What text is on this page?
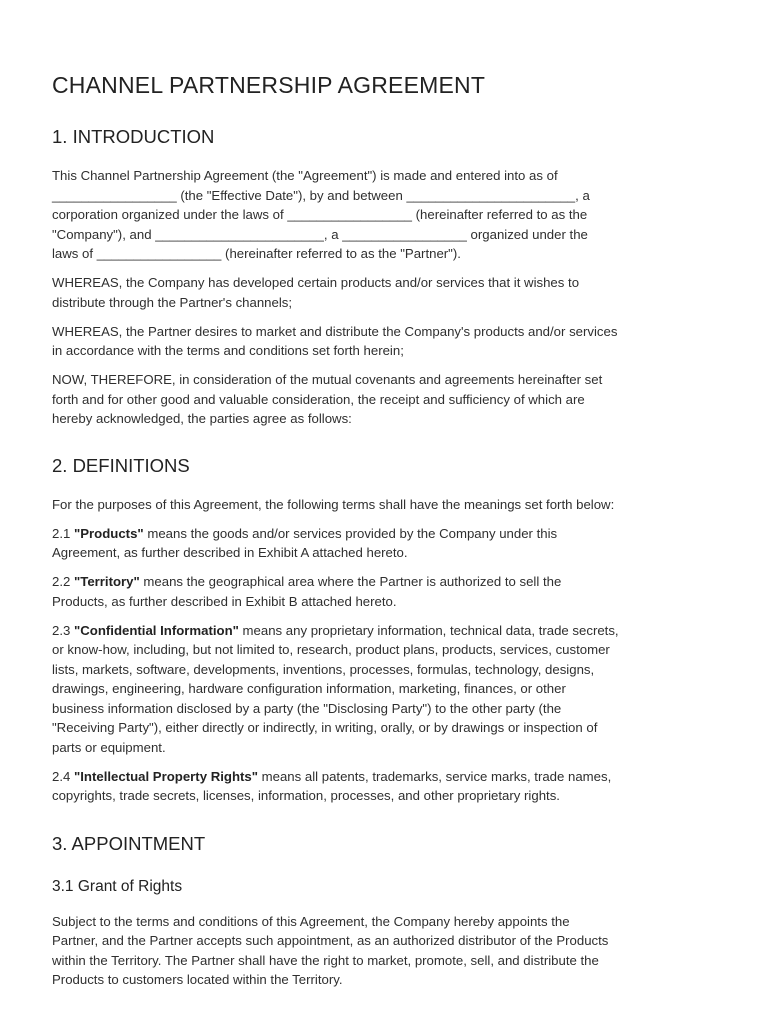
CHANNEL PARTNERSHIP AGREEMENT
1. INTRODUCTION

This Channel Partnership Agreement (the "Agreement") is made and entered into as of
_________________ (the "Effective Date"), by and between _______________________, a
corporation organized under the laws of _________________ (hereinafter referred to as the
"Company"), and _______________________, a _________________ organized under the
laws of _________________ (hereinafter referred to as the "Partner").

WHEREAS, the Company has developed certain products and/or services that it wishes to
distribute through the Partner's channels;

WHEREAS, the Partner desires to market and distribute the Company's products and/or services
in accordance with the terms and conditions set forth herein;

NOW, THEREFORE, in consideration of the mutual covenants and agreements hereinafter set
forth and for other good and valuable consideration, the receipt and sufficiency of which are
hereby acknowledged, the parties agree as follows:

2. DEFINITIONS

For the purposes of this Agreement, the following terms shall have the meanings set forth below:

2.1 "Products" means the goods and/or services provided by the Company under this
Agreement, as further described in Exhibit A attached hereto.

2.2 "Territory" means the geographical area where the Partner is authorized to sell the
Products, as further described in Exhibit B attached hereto.

2.3 "Confidential Information" means any proprietary information, technical data, trade secrets,
or know-how, including, but not limited to, research, product plans, products, services, customer
lists, markets, software, developments, inventions, processes, formulas, technology, designs,
drawings, engineering, hardware configuration information, marketing, finances, or other
business information disclosed by a party (the "Disclosing Party") to the other party (the
"Receiving Party"), either directly or indirectly, in writing, orally, or by drawings or inspection of
parts or equipment.

2.4 "Intellectual Property Rights" means all patents, trademarks, service marks, trade names,
copyrights, trade secrets, licenses, information, processes, and other proprietary rights.

3. APPOINTMENT
3.1 Grant of Rights

Subject to the terms and conditions of this Agreement, the Company hereby appoints the
Partner, and the Partner accepts such appointment, as an authorized distributor of the Products
within the Territory. The Partner shall have the right to market, promote, sell, and distribute the
Products to customers located within the Territory.
